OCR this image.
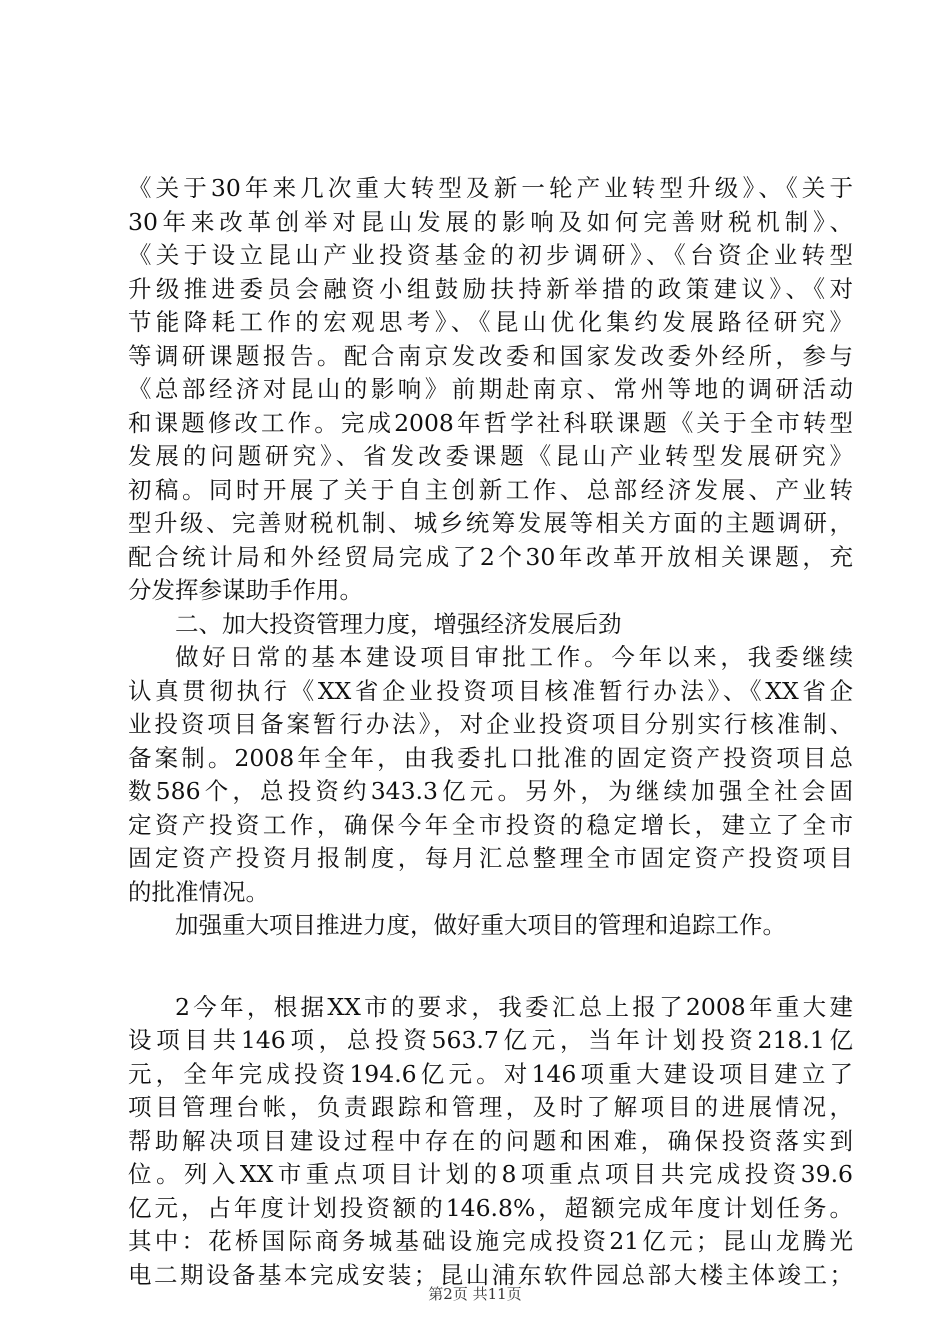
《关于30年来几次重大转型及新一轮产业转型升级》、《关于
30年来改革创举对昆山发展的影响及如何完善财税机制》、
《关于设立昆山产业投资基金的初步调研》、《台资企业转型
升级推进委员会融资小组鼓励扶持新举措的政策建议》、《对
节能降耗工作的宏观思考》、《昆山优化集约发展路径研究》
等调研课题报告。配合南京发改委和国家发改委外经所，参与
《总部经济对昆山的影响》前期赴南京、常州等地的调研活动
和课题修改工作。完成2008年哲学社科联课题《关于全市转型
发展的问题研究》、省发改委课题《昆山产业转型发展研究》
初稿。同时开展了关于自主创新工作、总部经济发展、产业转
型升级、完善财税机制、城乡统筹发展等相关方面的主题调研，
配合统计局和外经贸局完成了2个30年改革开放相关课题，充
分发挥参谋助手作用。
二、加大投资管理力度，增强经济发展后劲
做好日常的基本建设项目审批工作。今年以来，我委继续
认真贯彻执行《XX省企业投资项目核准暂行办法》、《XX省企
业投资项目备案暂行办法》，对企业投资项目分别实行核准制、
备案制。2008年全年，由我委扎口批准的固定资产投资项目总
数586个，总投资约343.3亿元。另外，为继续加强全社会固
定资产投资工作，确保今年全市投资的稳定增长，建立了全市
固定资产投资月报制度，每月汇总整理全市固定资产投资项目
的批准情况。
加强重大项目推进力度，做好重大项目的管理和追踪工作。
2今年，根据XX市的要求，我委汇总上报了2008年重大建
设项目共146项，总投资563.7亿元，当年计划投资218.1亿
元，全年完成投资194.6亿元。对146项重大建设项目建立了
项目管理台帐，负责跟踪和管理，及时了解项目的进展情况，
帮助解决项目建设过程中存在的问题和困难，确保投资落实到
位。列入XX市重点项目计划的8项重点项目共完成投资39.6
亿元，占年度计划投资额的146.8%，超额完成年度计划任务。
其中：花桥国际商务城基础设施完成投资21亿元；昆山龙腾光
电二期设备基本完成安装；昆山浦东软件园总部大楼主体竣工；
第2页 共11页
